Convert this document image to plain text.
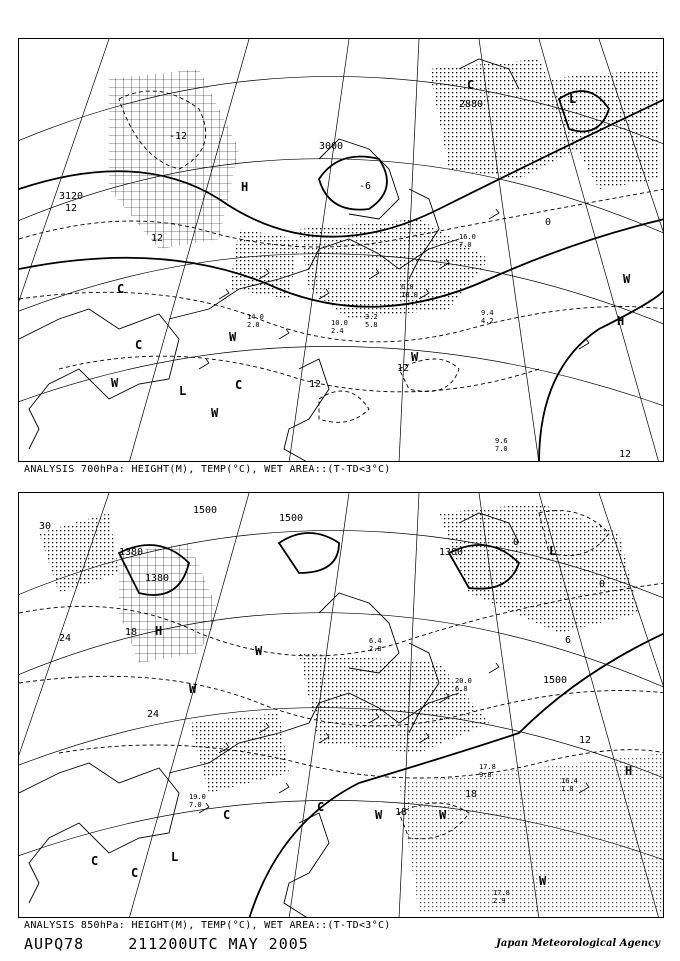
3120
3000
2880
12
12
-12
-6
0
12
12
12
H
H
L
L
C
C
C
C
W
W
W
W
W
9.6
7.0
9.4
4.2
10.0
2.4
14.0
2.0
3.2
5.8
6.0
10.0
16.0
7.0
ANALYSIS 700hPa: HEIGHT(M), TEMP(°C), WET AREA::(T-TD<3°C)
1500
1500
1380
1380
1380
1500
30
24
24
18
18
18
12
6
0
0
H
H
L
L
C
C
C
C
W
W	W
W
W
17.8
2.9
16.4
1.8
17.8
9.8
6.4
2.8
19.0
7.0
20.0
6.8
ANALYSIS 850hPa: HEIGHT(M), TEMP(°C), WET AREA::(T-TD<3°C)
AUPQ78	211200UTC MAY 2005	Japan Meteorological Agency
